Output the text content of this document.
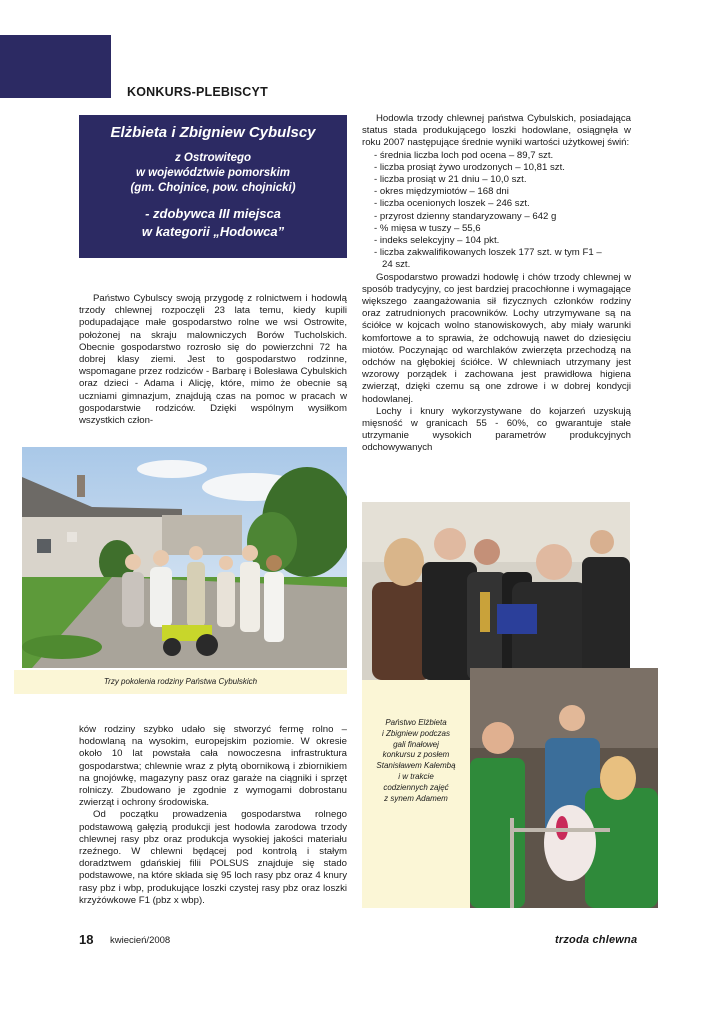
KONKURS-PLEBISCYT
Elżbieta i Zbigniew Cybulscy
z Ostrowitego
w województwie pomorskim
(gm. Chojnice, pow. chojnicki)
- zdobywca III miejsca
w kategorii „Hodowca”

Państwo Cybulscy swoją przygodę z rolnictwem i hodowlą trzody chlewnej rozpoczęli 23 lata temu, kiedy kupili podupadające małe gospodarstwo rolne we wsi Ostrowite, położonej na skraju malowniczych Borów Tucholskich. Obecnie gospodarstwo rozrosło się do powierzchni 72 ha dobrej klasy ziemi. Jest to gospodarstwo rodzinne, wspomagane przez rodziców - Barbarę i Bolesława Cybulskich oraz dzieci - Adama i Alicję, które, mimo że obecnie są uczniami gimnazjum, znajdują czas na pomoc w pracach w gospodarstwie rodziców. Dzięki wspólnym wysiłkom wszystkich człon-

Trzy pokolenia rodziny Państwa Cybulskich

ków rodziny szybko udało się stworzyć fermę rolno – hodowlaną na wysokim, europejskim poziomie. W okresie około 10 lat powstała cała nowoczesna infrastruktura gospodarstwa; chlewnie wraz z płytą obornikową i zbiornikiem na gnojówkę, magazyny pasz oraz garaże na ciągniki i sprzęt rolniczy. Zbudowano je zgodnie z wymogami dobrostanu zwierząt i ochrony środowiska.

Od początku prowadzenia gospodarstwa rolnego podstawową gałęzią produkcji jest hodowla zarodowa trzody chlewnej rasy pbz oraz produkcja wysokiej jakości materiału rzeźnego. W chlewni będącej pod kontrolą i stałym doradztwem gdańskiej filii POLSUS znajduje się stado podstawowe, na które składa się 95 loch rasy pbz oraz 4 knury rasy pbz i wbp, produkujące loszki czystej rasy pbz oraz loszki krzyżówkowe F1 (pbz x wbp).

Hodowla trzody chlewnej państwa Cybulskich, posiadająca status stada produkującego loszki hodowlane, osiągnęła w roku 2007 następujące średnie wyniki wartości użytkowej świń:

- średnia liczba loch pod ocena – 89,7 szt.
- liczba prosiąt żywo urodzonych – 10,81 szt.
- liczba prosiąt w 21 dniu – 10,0 szt.
- okres międzymiotów – 168 dni
- liczba ocenionych loszek – 246 szt.
- przyrost dzienny standaryzowany – 642 g
- % mięsa w tuszy – 55,6
- indeks selekcyjny – 104 pkt.
- liczba zakwalifikowanych loszek 177 szt. w tym F1 –
24 szt.

Gospodarstwo prowadzi hodowlę i chów trzody chlewnej w sposób tradycyjny, co jest bardziej pracochłonne i wymagające większego zaangażowania sił fizycznych członków rodziny oraz zatrudnionych pracowników. Lochy utrzymywane są na ściółce w kojcach wolno stanowiskowych, aby miały warunki komfortowe a to sprawia, że odchowują nawet do dziesięciu miotów. Poczynając od warchlaków zwierzęta przechodzą na odchów na głębokiej ściółce. W chlewniach utrzymany jest wzorowy porządek i zachowana jest prawidłowa higiena zwierząt, dzięki czemu są one zdrowe i w dobrej kondycji hodowlanej.

Lochy i knury wykorzystywane do kojarzeń uzyskują mięsność w granicach 55 - 60%, co gwarantuje stałe utrzymanie wysokich parametrów produkcyjnych odchowywanych

Państwo Elżbieta
i Zbigniew podczas
gali finałowej
konkursu z posłem
Stanisławem Kalembą
i w trakcie
codziennych zajęć
z synem Adamem
18 kwiecień/2008	trzoda chlewna
